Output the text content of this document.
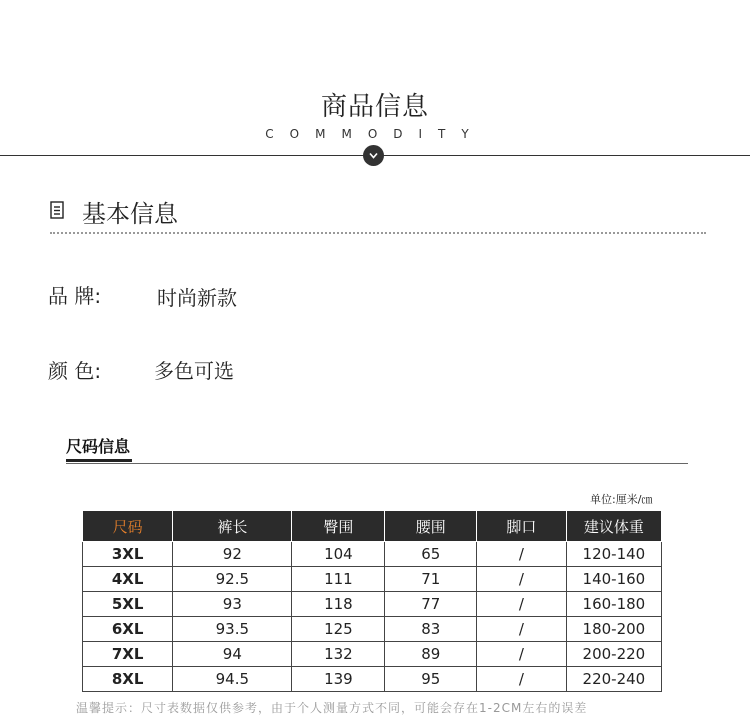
商品信息
COMMODITY
基本信息
品 牌:	时尚新款
颜 色:	多色可选
尺码信息
单位:厘米/㎝
尺码	裤长	臀围	腰围	脚口	建议体重
3XL	92	104	65	/	120-140
4XL	92.5	111	71	/	140-160
5XL	93	118	77	/	160-180
6XL	93.5	125	83	/	180-200
7XL	94	132	89	/	200-220
8XL	94.5	139	95	/	220-240
温馨提示：尺寸表数据仅供参考，由于个人测量方式不同，可能会存在1-2CM左右的误差
